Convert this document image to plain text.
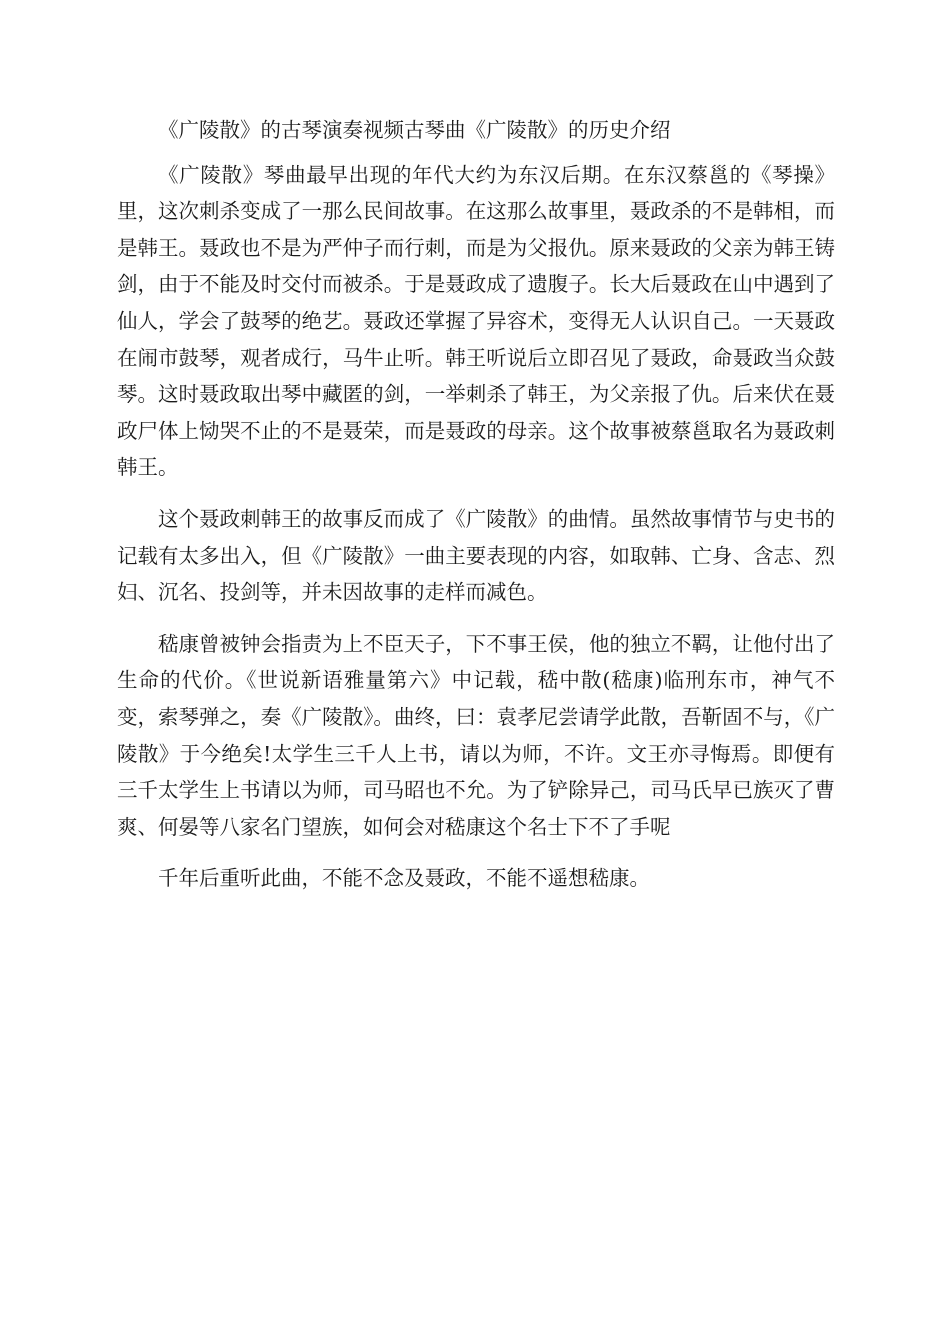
《广陵散》的古琴演奏视频古琴曲《广陵散》的历史介绍

《广陵散》琴曲最早出现的年代大约为东汉后期。在东汉蔡邕的《琴操》里，这次刺杀变成了一那么民间故事。在这那么故事里，聂政杀的不是韩相，而是韩王。聂政也不是为严仲子而行刺，而是为父报仇。原来聂政的父亲为韩王铸剑，由于不能及时交付而被杀。于是聂政成了遗腹子。长大后聂政在山中遇到了仙人，学会了鼓琴的绝艺。聂政还掌握了异容术，变得无人认识自己。一天聂政在闹市鼓琴，观者成行，马牛止听。韩王听说后立即召见了聂政，命聂政当众鼓琴。这时聂政取出琴中藏匿的剑，一举刺杀了韩王，为父亲报了仇。后来伏在聂政尸体上恸哭不止的不是聂荣，而是聂政的母亲。这个故事被蔡邕取名为聂政刺韩王。

这个聂政刺韩王的故事反而成了《广陵散》的曲情。虽然故事情节与史书的记载有太多出入，但《广陵散》一曲主要表现的内容，如取韩、亡身、含志、烈妇、沉名、投剑等，并未因故事的走样而减色。

嵇康曾被钟会指责为上不臣天子，下不事王侯，他的独立不羁，让他付出了生命的代价。《世说新语雅量第六》中记载，嵇中散(嵇康)临刑东市，神气不变，索琴弹之，奏《广陵散》。曲终，曰：袁孝尼尝请学此散，吾靳固不与，《广陵散》于今绝矣!太学生三千人上书，请以为师，不许。文王亦寻悔焉。即便有三千太学生上书请以为师，司马昭也不允。为了铲除异己，司马氏早已族灭了曹爽、何晏等八家名门望族，如何会对嵇康这个名士下不了手呢

千年后重听此曲，不能不念及聂政，不能不遥想嵇康。
